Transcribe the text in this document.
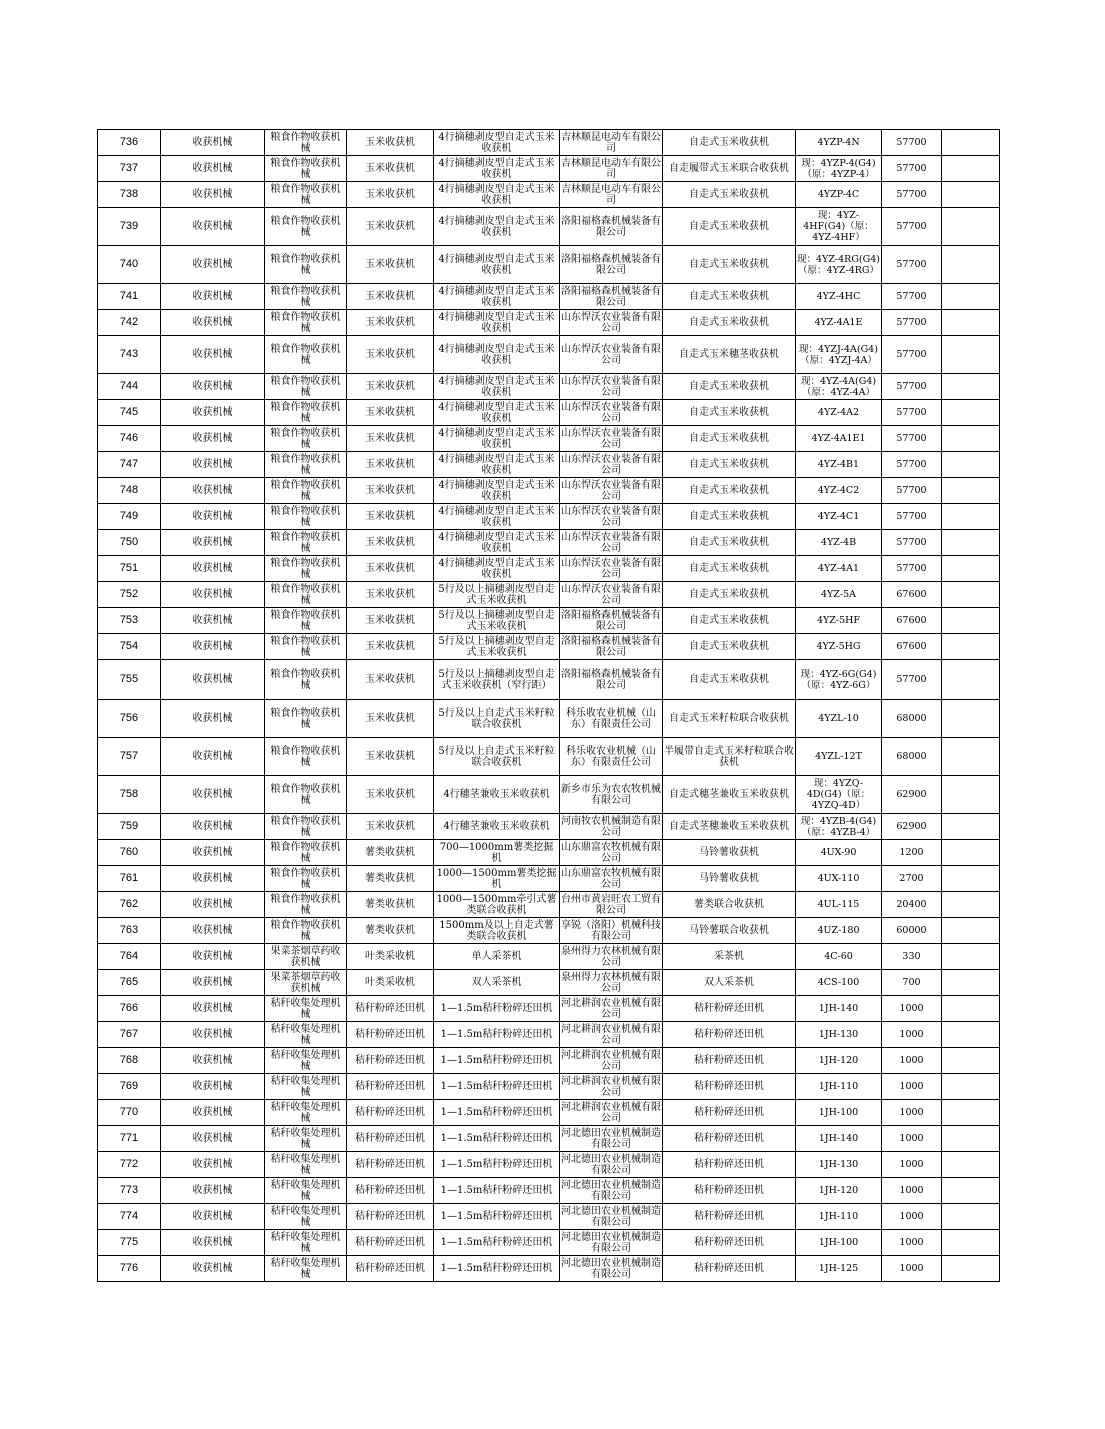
736	收获机械	粮食作物收获机械	玉米收获机	4行摘穗剥皮型自走式玉米收获机	吉林顺昆电动车有限公司	自走式玉米收获机	4YZP-4N	57700	
737	收获机械	粮食作物收获机械	玉米收获机	4行摘穗剥皮型自走式玉米收获机	吉林顺昆电动车有限公司	自走履带式玉米联合收获机	现：4YZP-4(G4)（原：4YZP-4）	57700	
738	收获机械	粮食作物收获机械	玉米收获机	4行摘穗剥皮型自走式玉米收获机	吉林顺昆电动车有限公司	自走式玉米收获机	4YZP-4C	57700	
739	收获机械	粮食作物收获机械	玉米收获机	4行摘穗剥皮型自走式玉米收获机	洛阳福格森机械装备有限公司	自走式玉米收获机	现：4YZ-4HF(G4)（原：4YZ-4HF）	57700	
740	收获机械	粮食作物收获机械	玉米收获机	4行摘穗剥皮型自走式玉米收获机	洛阳福格森机械装备有限公司	自走式玉米收获机	现：4YZ-4RG(G4)（原：4YZ-4RG）	57700	
741	收获机械	粮食作物收获机械	玉米收获机	4行摘穗剥皮型自走式玉米收获机	洛阳福格森机械装备有限公司	自走式玉米收获机	4YZ-4HC	57700	
742	收获机械	粮食作物收获机械	玉米收获机	4行摘穗剥皮型自走式玉米收获机	山东悍沃农业装备有限公司	自走式玉米收获机	4YZ-4A1E	57700	
743	收获机械	粮食作物收获机械	玉米收获机	4行摘穗剥皮型自走式玉米收获机	山东悍沃农业装备有限公司	自走式玉米穗茎收获机	现：4YZJ-4A(G4)（原：4YZJ-4A）	57700	
744	收获机械	粮食作物收获机械	玉米收获机	4行摘穗剥皮型自走式玉米收获机	山东悍沃农业装备有限公司	自走式玉米收获机	现：4YZ-4A(G4)（原：4YZ-4A）	57700	
745	收获机械	粮食作物收获机械	玉米收获机	4行摘穗剥皮型自走式玉米收获机	山东悍沃农业装备有限公司	自走式玉米收获机	4YZ-4A2	57700	
746	收获机械	粮食作物收获机械	玉米收获机	4行摘穗剥皮型自走式玉米收获机	山东悍沃农业装备有限公司	自走式玉米收获机	4YZ-4A1E1	57700	
747	收获机械	粮食作物收获机械	玉米收获机	4行摘穗剥皮型自走式玉米收获机	山东悍沃农业装备有限公司	自走式玉米收获机	4YZ-4B1	57700	
748	收获机械	粮食作物收获机械	玉米收获机	4行摘穗剥皮型自走式玉米收获机	山东悍沃农业装备有限公司	自走式玉米收获机	4YZ-4C2	57700	
749	收获机械	粮食作物收获机械	玉米收获机	4行摘穗剥皮型自走式玉米收获机	山东悍沃农业装备有限公司	自走式玉米收获机	4YZ-4C1	57700	
750	收获机械	粮食作物收获机械	玉米收获机	4行摘穗剥皮型自走式玉米收获机	山东悍沃农业装备有限公司	自走式玉米收获机	4YZ-4B	57700	
751	收获机械	粮食作物收获机械	玉米收获机	4行摘穗剥皮型自走式玉米收获机	山东悍沃农业装备有限公司	自走式玉米收获机	4YZ-4A1	57700	
752	收获机械	粮食作物收获机械	玉米收获机	5行及以上摘穗剥皮型自走式玉米收获机	山东悍沃农业装备有限公司	自走式玉米收获机	4YZ-5A	67600	
753	收获机械	粮食作物收获机械	玉米收获机	5行及以上摘穗剥皮型自走式玉米收获机	洛阳福格森机械装备有限公司	自走式玉米收获机	4YZ-5HF	67600	
754	收获机械	粮食作物收获机械	玉米收获机	5行及以上摘穗剥皮型自走式玉米收获机	洛阳福格森机械装备有限公司	自走式玉米收获机	4YZ-5HG	67600	
755	收获机械	粮食作物收获机械	玉米收获机	5行及以上摘穗剥皮型自走式玉米收获机（窄行距）	洛阳福格森机械装备有限公司	自走式玉米收获机	现：4YZ-6G(G4)（原：4YZ-6G）	57700	
756	收获机械	粮食作物收获机械	玉米收获机	5行及以上自走式玉米籽粒联合收获机	科乐收农业机械（山东）有限责任公司	自走式玉米籽粒联合收获机	4YZL-10	68000	
757	收获机械	粮食作物收获机械	玉米收获机	5行及以上自走式玉米籽粒联合收获机	科乐收农业机械（山东）有限责任公司	半履带自走式玉米籽粒联合收获机	4YZL-12T	68000	
758	收获机械	粮食作物收获机械	玉米收获机	4行穗茎兼收玉米收获机	新乡市乐为农农牧机械有限公司	自走式穗茎兼收玉米收获机	现：4YZQ-4D(G4)（原：4YZQ-4D）	62900	
759	收获机械	粮食作物收获机械	玉米收获机	4行穗茎兼收玉米收获机	河南牧农机械制造有限公司	自走式茎穗兼收玉米收获机	现：4YZB-4(G4)（原：4YZB-4）	62900	
760	收获机械	粮食作物收获机械	薯类收获机	700—1000mm薯类挖掘机	山东鼎富农牧机械有限公司	马铃薯收获机	4UX-90	1200	
761	收获机械	粮食作物收获机械	薯类收获机	1000—1500mm薯类挖掘机	山东鼎富农牧机械有限公司	马铃薯收获机	4UX-110	2700	
762	收获机械	粮食作物收获机械	薯类收获机	1000—1500mm牵引式薯类联合收获机	台州市黄岩旺农工贸有限公司	薯类联合收获机	4UL-115	20400	
763	收获机械	粮食作物收获机械	薯类收获机	1500mm及以上自走式薯类联合收获机	享锐（洛阳）机械科技有限公司	马铃薯联合收获机	4UZ-180	60000	
764	收获机械	果菜茶烟草药收获机械	叶类采收机	单人采茶机	泉州得力农林机械有限公司	采茶机	4C-60	330	
765	收获机械	果菜茶烟草药收获机械	叶类采收机	双人采茶机	泉州得力农林机械有限公司	双人采茶机	4CS-100	700	
766	收获机械	秸秆收集处理机械	秸秆粉碎还田机	1—1.5m秸秆粉碎还田机	河北耕润农业机械有限公司	秸秆粉碎还田机	1JH-140	1000	
767	收获机械	秸秆收集处理机械	秸秆粉碎还田机	1—1.5m秸秆粉碎还田机	河北耕润农业机械有限公司	秸秆粉碎还田机	1JH-130	1000	
768	收获机械	秸秆收集处理机械	秸秆粉碎还田机	1—1.5m秸秆粉碎还田机	河北耕润农业机械有限公司	秸秆粉碎还田机	1JH-120	1000	
769	收获机械	秸秆收集处理机械	秸秆粉碎还田机	1—1.5m秸秆粉碎还田机	河北耕润农业机械有限公司	秸秆粉碎还田机	1JH-110	1000	
770	收获机械	秸秆收集处理机械	秸秆粉碎还田机	1—1.5m秸秆粉碎还田机	河北耕润农业机械有限公司	秸秆粉碎还田机	1JH-100	1000	
771	收获机械	秸秆收集处理机械	秸秆粉碎还田机	1—1.5m秸秆粉碎还田机	河北德田农业机械制造有限公司	秸秆粉碎还田机	1JH-140	1000	
772	收获机械	秸秆收集处理机械	秸秆粉碎还田机	1—1.5m秸秆粉碎还田机	河北德田农业机械制造有限公司	秸秆粉碎还田机	1JH-130	1000	
773	收获机械	秸秆收集处理机械	秸秆粉碎还田机	1—1.5m秸秆粉碎还田机	河北德田农业机械制造有限公司	秸秆粉碎还田机	1JH-120	1000	
774	收获机械	秸秆收集处理机械	秸秆粉碎还田机	1—1.5m秸秆粉碎还田机	河北德田农业机械制造有限公司	秸秆粉碎还田机	1JH-110	1000	
775	收获机械	秸秆收集处理机械	秸秆粉碎还田机	1—1.5m秸秆粉碎还田机	河北德田农业机械制造有限公司	秸秆粉碎还田机	1JH-100	1000	
776	收获机械	秸秆收集处理机械	秸秆粉碎还田机	1—1.5m秸秆粉碎还田机	河北德田农业机械制造有限公司	秸秆粉碎还田机	1JH-125	1000	
